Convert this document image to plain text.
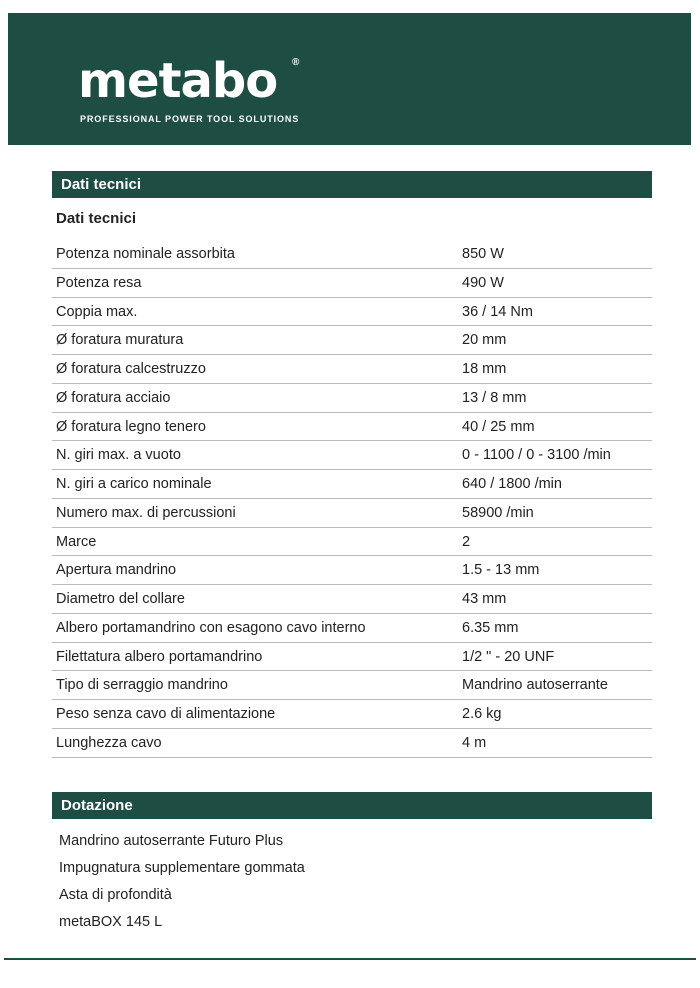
metabo ®
PROFESSIONAL POWER TOOL SOLUTIONS
Dati tecnici
Dati tecnici
Potenza nominale assorbita	850 W
Potenza resa	490 W
Coppia max.	36 / 14 Nm
Ø foratura muratura	20 mm
Ø foratura calcestruzzo	18 mm
Ø foratura acciaio	13 / 8 mm
Ø foratura legno tenero	40 / 25 mm
N. giri max. a vuoto	0 - 1100 / 0 - 3100 /min
N. giri a carico nominale	640 / 1800 /min
Numero max. di percussioni	58900 /min
Marce	2
Apertura mandrino	1.5 - 13 mm
Diametro del collare	43 mm
Albero portamandrino con esagono cavo interno	6.35 mm
Filettatura albero portamandrino	1/2 " - 20 UNF
Tipo di serraggio mandrino	Mandrino autoserrante
Peso senza cavo di alimentazione	2.6 kg
Lunghezza cavo	4 m
Dotazione
Mandrino autoserrante Futuro Plus
Impugnatura supplementare gommata
Asta di profondità
metaBOX 145 L
